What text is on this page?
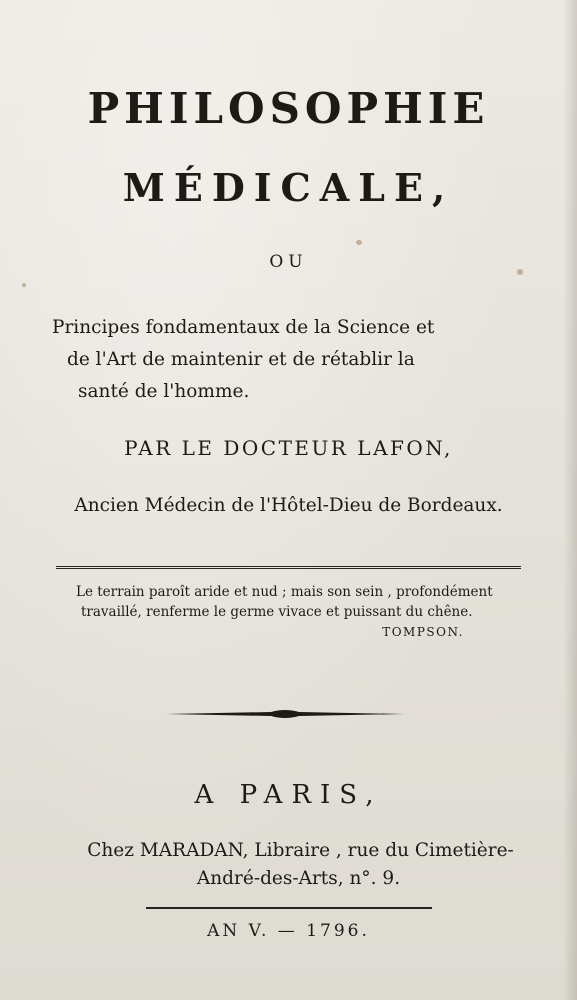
PHILOSOPHIE
MÉDICALE,
OU
Principes fondamentaux de la Science et
de l'Art de maintenir et de rétablir la
santé de l'homme.
PAR LE DOCTEUR LAFON,
Ancien Médecin de l'Hôtel-Dieu de Bordeaux.
Le terrain paroît aride et nud ; mais son sein , profondément
travaillé, renferme le germe vivace et puissant du chêne.
TOMPSON.
A PARIS,
Chez MARADAN, Libraire , rue du Cimetière-
André-des-Arts, n°. 9.
AN V. — 1796.
